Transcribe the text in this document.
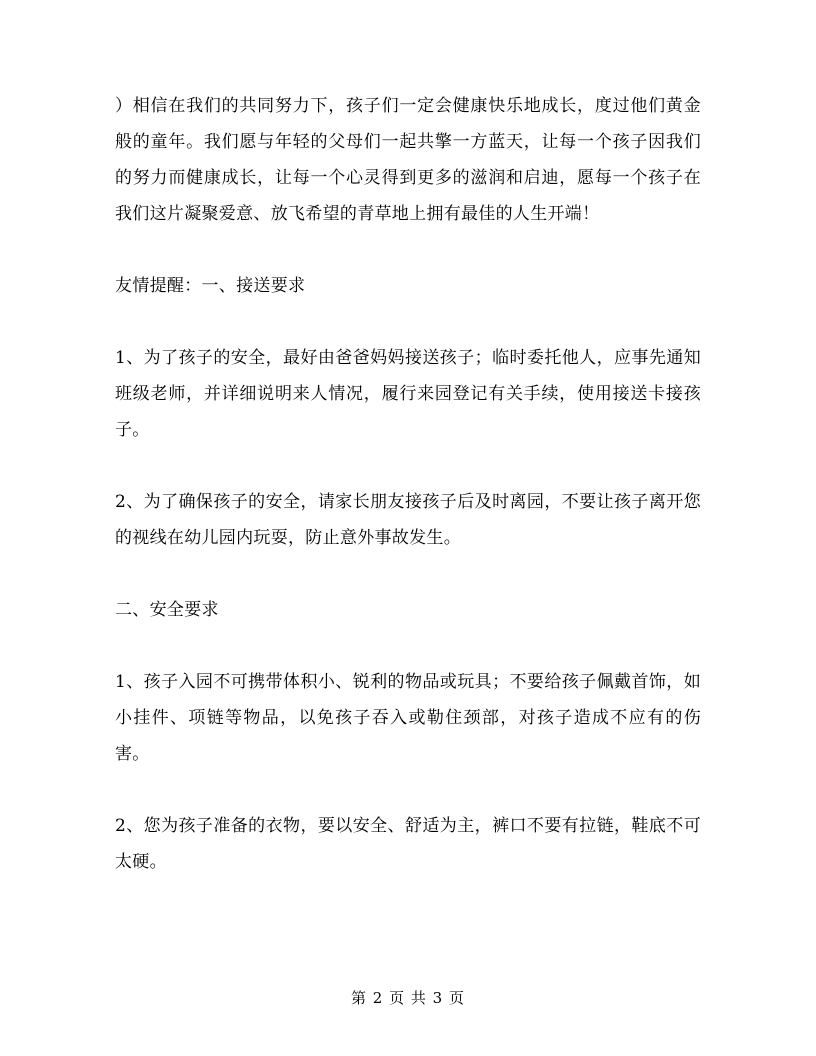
）相信在我们的共同努力下，孩子们一定会健康快乐地成长，度过他们黄金般的童年。我们愿与年轻的父母们一起共擎一方蓝天，让每一个孩子因我们的努力而健康成长，让每一个心灵得到更多的滋润和启迪，愿每一个孩子在我们这片凝聚爱意、放飞希望的青草地上拥有最佳的人生开端！

友情提醒：一、接送要求

1、为了孩子的安全，最好由爸爸妈妈接送孩子；临时委托他人，应事先通知班级老师，并详细说明来人情况，履行来园登记有关手续，使用接送卡接孩子。

2、为了确保孩子的安全，请家长朋友接孩子后及时离园，不要让孩子离开您的视线在幼儿园内玩耍，防止意外事故发生。

二、安全要求

1、孩子入园不可携带体积小、锐利的物品或玩具；不要给孩子佩戴首饰，如小挂件、项链等物品，以免孩子吞入或勒住颈部，对孩子造成不应有的伤害。

2、您为孩子准备的衣物，要以安全、舒适为主，裤口不要有拉链，鞋底不可太硬。

第 2 页 共 3 页
